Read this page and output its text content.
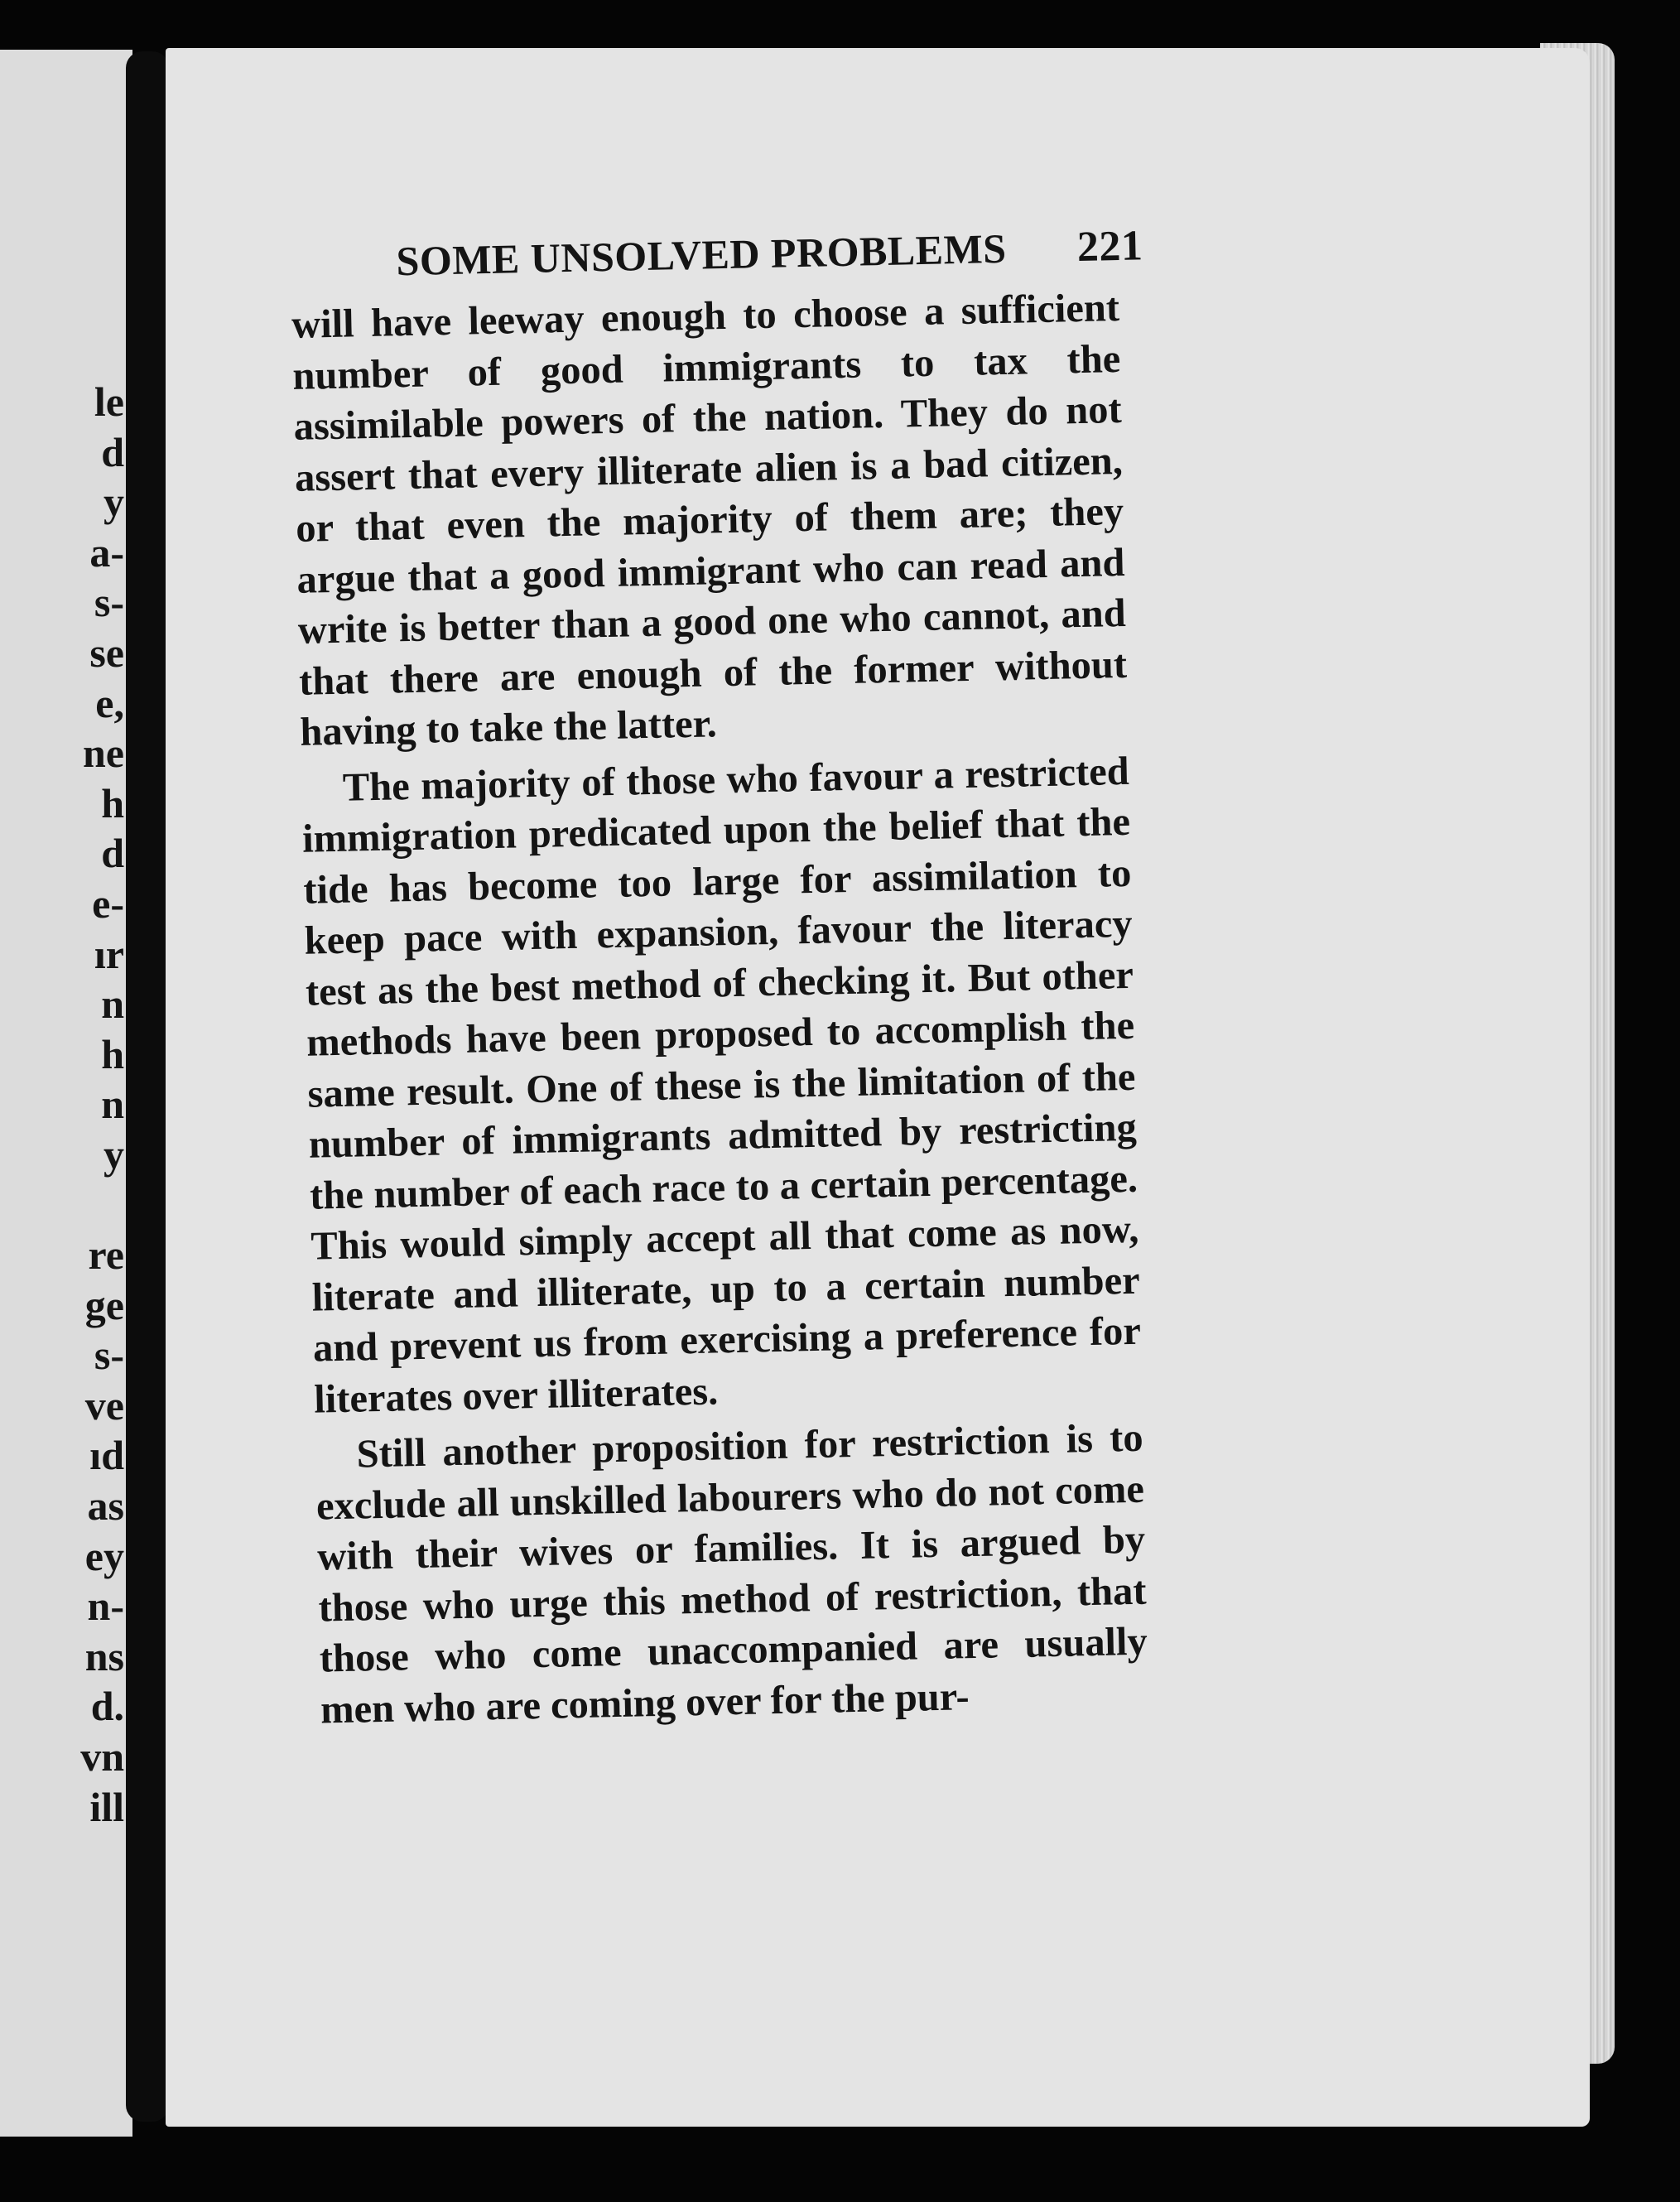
le
d
y
a-
s-
se
e,
ne
h
d
e-
ır
n
h
n
y

re
ge
s-
ve
ıd
as
ey
n-
ns
d.
vn
ill
SOME UNSOLVED PROBLEMS 221

will have leeway enough to choose a sufficient number of good immigrants to tax the assimilable powers of the nation. They do not assert that every illiterate alien is a bad citizen, or that even the majority of them are; they argue that a good immigrant who can read and write is better than a good one who cannot, and that there are enough of the former without having to take the latter.

The majority of those who favour a restricted immigration predicated upon the belief that the tide has become too large for assimilation to keep pace with expansion, favour the literacy test as the best method of checking it. But other methods have been proposed to accomplish the same result. One of these is the limitation of the number of immigrants admitted by restricting the number of each race to a certain percentage. This would simply accept all that come as now, literate and illiterate, up to a certain number and prevent us from exercising a preference for literates over illiterates.

Still another proposition for restriction is to exclude all unskilled labourers who do not come with their wives or families. It is argued by those who urge this method of restriction, that those who come unaccompanied are usually men who are coming over for the pur-
